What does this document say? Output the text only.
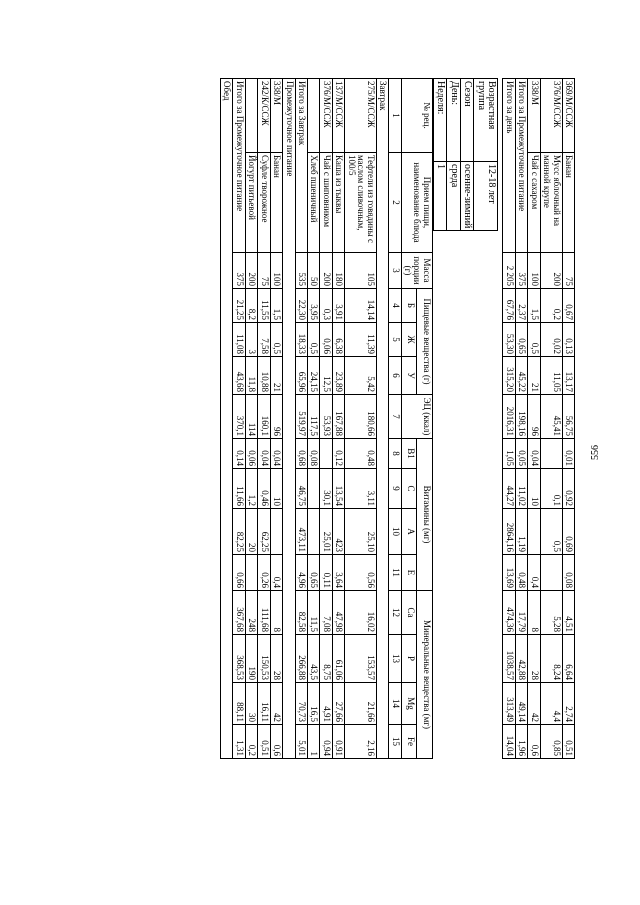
369/М/ССЖ	Банан	75	0,67	0,13	13,17	56,75	0,01	0,92	0,69	0,08	4,51	6,64	2,74	0,51
376/М/ССЖ	Мусс яблочный на манной крупе	200	0,2	0,02	11,05	45,41		0,1	0,5		5,28	8,24	4,4	0,85
338/М	Чай с сахаром	100	1,5	0,5	21	96	0,04	10		0,4	8	28	42	0,6
Итого за Промежуточное питание		375	2,37	0,65	45,22	198,16	0,05	11,02	1,19	0,48	17,79	42,88	49,14	1,96
Итого за день		2 205	67,76	53,30	315,20	2016,31	1,05	44,27	2864,16	13,69	474,36	1038,57	313,49	14,04
Возрастная группа	12-18 лет
Сезон	осенне-зимний
День:	среда
Неделя:	1
№ рец.	Прием пищи, наименование блюда	Масса порции (г)	Пищевые вещества (г)			ЭЦ (ккал)	Витамины (мг)				Минеральные вещества (мг)			
			Б	Ж	У		B1	C	A	E	Ca	P	Mg	Fe
1	2	3	4	5	6	7	8	9	10	11	12	13	14	15
Завтрак														
275/М/ССЖ	Тефтели из говядины с маслом сливочным, 100/5	105	14,14	11,39	5,42	180,66	0,48	3,11	25,10	0,56	16,02	153,57	21,66	2,16
137/М/ССЖ	Каша из тыквы	180	3,91	6,38	23,89	167,88	0,12	13,54	423	3,64	47,98	61,06	27,66	0,91
376/М/ССЖ	Чай с шиповником	200	0,3	0,06	12,5	53,93		30,1	25,01	0,11	7,08	8,75	4,91	0,94
	Хлеб пшеничный	50	3,95	0,5	24,15	117,5	0,08			0,65	11,5	43,5	16,5	1
Итого за Завтрак		535	22,30	18,33	65,96	519,97	0,68	46,75	473,11	4,96	82,58	266,88	70,73	5,01
Промежуточное питание														
338/М	Банан	100	1,5	0,5	21	96	0,04	10		0,4	8	28	42	0,6
242/К/ССЖ	Суфле творожное	75	11,55	7,58	10,88	160,1	0,04	0,46	62,25	0,26	111,68	150,53	16,11	0,51
	Йогурт питьевой	200	8,2	3	11,8	114	0,06	1,2	20		248	190	30	0,2
Итого за Промежуточное питание		375	21,25	11,08	43,68	370,1	0,14	11,66	82,25	0,66	367,68	368,53	88,11	1,31
Обед														
556
